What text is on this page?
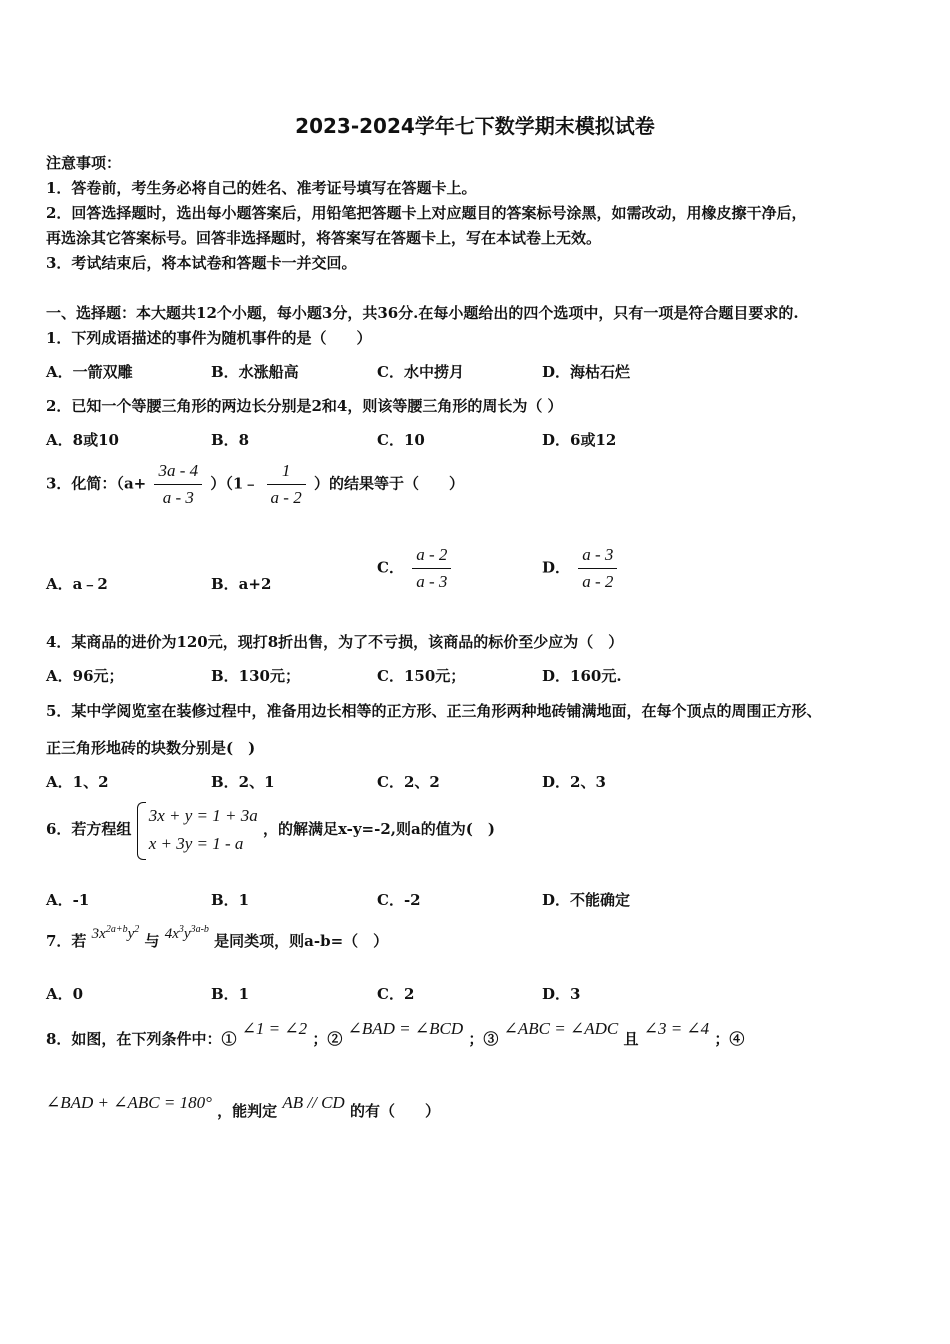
2023-2024学年七下数学期末模拟试卷
注意事项：
1．答卷前，考生务必将自己的姓名、准考证号填写在答题卡上。
2．回答选择题时，选出每小题答案后，用铅笔把答题卡上对应题目的答案标号涂黑，如需改动，用橡皮擦干净后，
再选涂其它答案标号。回答非选择题时，将答案写在答题卡上，写在本试卷上无效。
3．考试结束后，将本试卷和答题卡一并交回。
一、选择题：本大题共12个小题，每小题3分，共36分.在每小题给出的四个选项中，只有一项是符合题目要求的.
1．下列成语描述的事件为随机事件的是（　　）
A．一箭双雕	B．水涨船高	C．水中捞月	D．海枯石烂
2．已知一个等腰三角形的两边长分别是2和4，则该等腰三角形的周长为（ ）
A．8或10	B．8	C．10	D．6或12
3．化简：（$a+ \frac{3a - 4}{a - 3}$ ）（1﹣ $\frac{1}{a - 2}$ ）的结果等于（　　）
A．a﹣2	B．a+2
C． $\frac{a - 2}{a - 3}$	D． $\frac{a - 3}{a - 2}$
4．某商品的进价为120元，现打8折出售，为了不亏损，该商品的标价至少应为（　）
A．96元；	B．130元；	C．150元；	D．160元.
5．某中学阅览室在装修过程中，准备用边长相等的正方形、正三角形两种地砖铺满地面，在每个顶点的周围正方形、
正三角形地砖的块数分别是(　)
A．1、2	B．2、1	C．2、2	D．2、3
6．若方程组
3x + y = 1 + 3a
x + 3y = 1 - a
，的解满足x-y=-2,则a的值为(　)
A．-1	B．1	C．-2	D．不能确定
7．若 $3x^{2a+b}y^2$ 与 $4x^3y^{3a-b}$ 是同类项，则a-b=（　）
A．0	B．1	C．2	D．3
8．如图，在下列条件中：① ∠1 = ∠2 ；② ∠BAD = ∠BCD ；③ ∠ABC = ∠ADC 且 ∠3 = ∠4 ；④
∠BAD + ∠ABC = 180° ，能判定 AB // CD 的有（　　）
